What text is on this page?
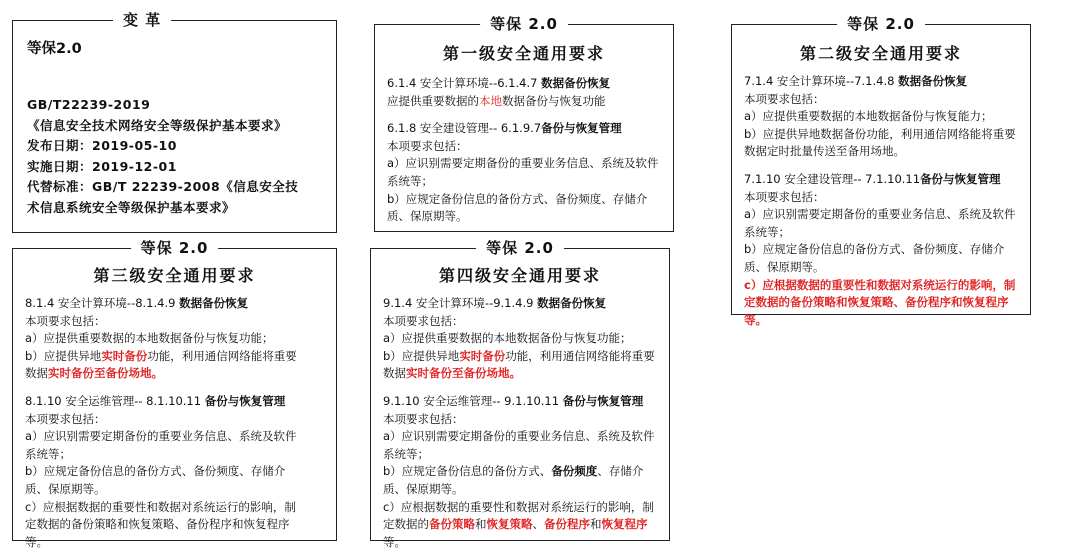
变 革
等保2.0

GB/T22239-2019

《信息安全技术网络安全等级保护基本要求》

发布日期：2019-05-10

实施日期：2019-12-01

代替标准：GB/T 22239-2008《信息安全技

术信息系统安全等级保护基本要求》

等保 2.0
第一级安全通用要求

6.1.4 安全计算环境--6.1.4.7 数据备份恢复

应提供重要数据的本地数据备份与恢复功能

6.1.8 安全建设管理-- 6.1.9.7备份与恢复管理

本项要求包括：

a）应识别需要定期备份的重要业务信息、系统及软件

系统等；

b）应规定备份信息的备份方式、备份频度、存储介

质、保原期等。

等保 2.0
第二级安全通用要求

7.1.4 安全计算环境--7.1.4.8 数据备份恢复

本项要求包括：

a）应提供重要数据的本地数据备份与恢复能力；

b）应提供异地数据备份功能，利用通信网络能将重要

数据定时批量传送至备用场地。

7.1.10 安全建设管理-- 7.1.10.11备份与恢复管理

本项要求包括：

a）应识别需要定期备份的重要业务信息、系统及软件

系统等；

b）应规定备份信息的备份方式、备份频度、存储介

质、保原期等。

c）应根据数据的重要性和数据对系统运行的影响，制

定数据的备份策略和恢复策略、备份程序和恢复程序

等。

等保 2.0
第三级安全通用要求

8.1.4 安全计算环境--8.1.4.9 数据备份恢复

本项要求包括：

a）应提供重要数据的本地数据备份与恢复功能；

b）应提供异地实时备份功能，利用通信网络能将重要

数据实时备份至备份场地。

8.1.10 安全运维管理-- 8.1.10.11 备份与恢复管理

本项要求包括：

a）应识别需要定期备份的重要业务信息、系统及软件

系统等；

b）应规定备份信息的备份方式、备份频度、存储介

质、保原期等。

c）应根据数据的重要性和数据对系统运行的影响，制

定数据的备份策略和恢复策略、备份程序和恢复程序

等。

等保 2.0
第四级安全通用要求

9.1.4 安全计算环境--9.1.4.9 数据备份恢复

本项要求包括：

a）应提供重要数据的本地数据备份与恢复功能；

b）应提供异地实时备份功能，利用通信网络能将重要

数据实时备份至备份场地。

9.1.10 安全运维管理-- 9.1.10.11 备份与恢复管理

本项要求包括：

a）应识别需要定期备份的重要业务信息、系统及软件

系统等；

b）应规定备份信息的备份方式、备份频度、存储介

质、保原期等。

c）应根据数据的重要性和数据对系统运行的影响，制

定数据的备份策略和恢复策略、备份程序和恢复程序

等。
